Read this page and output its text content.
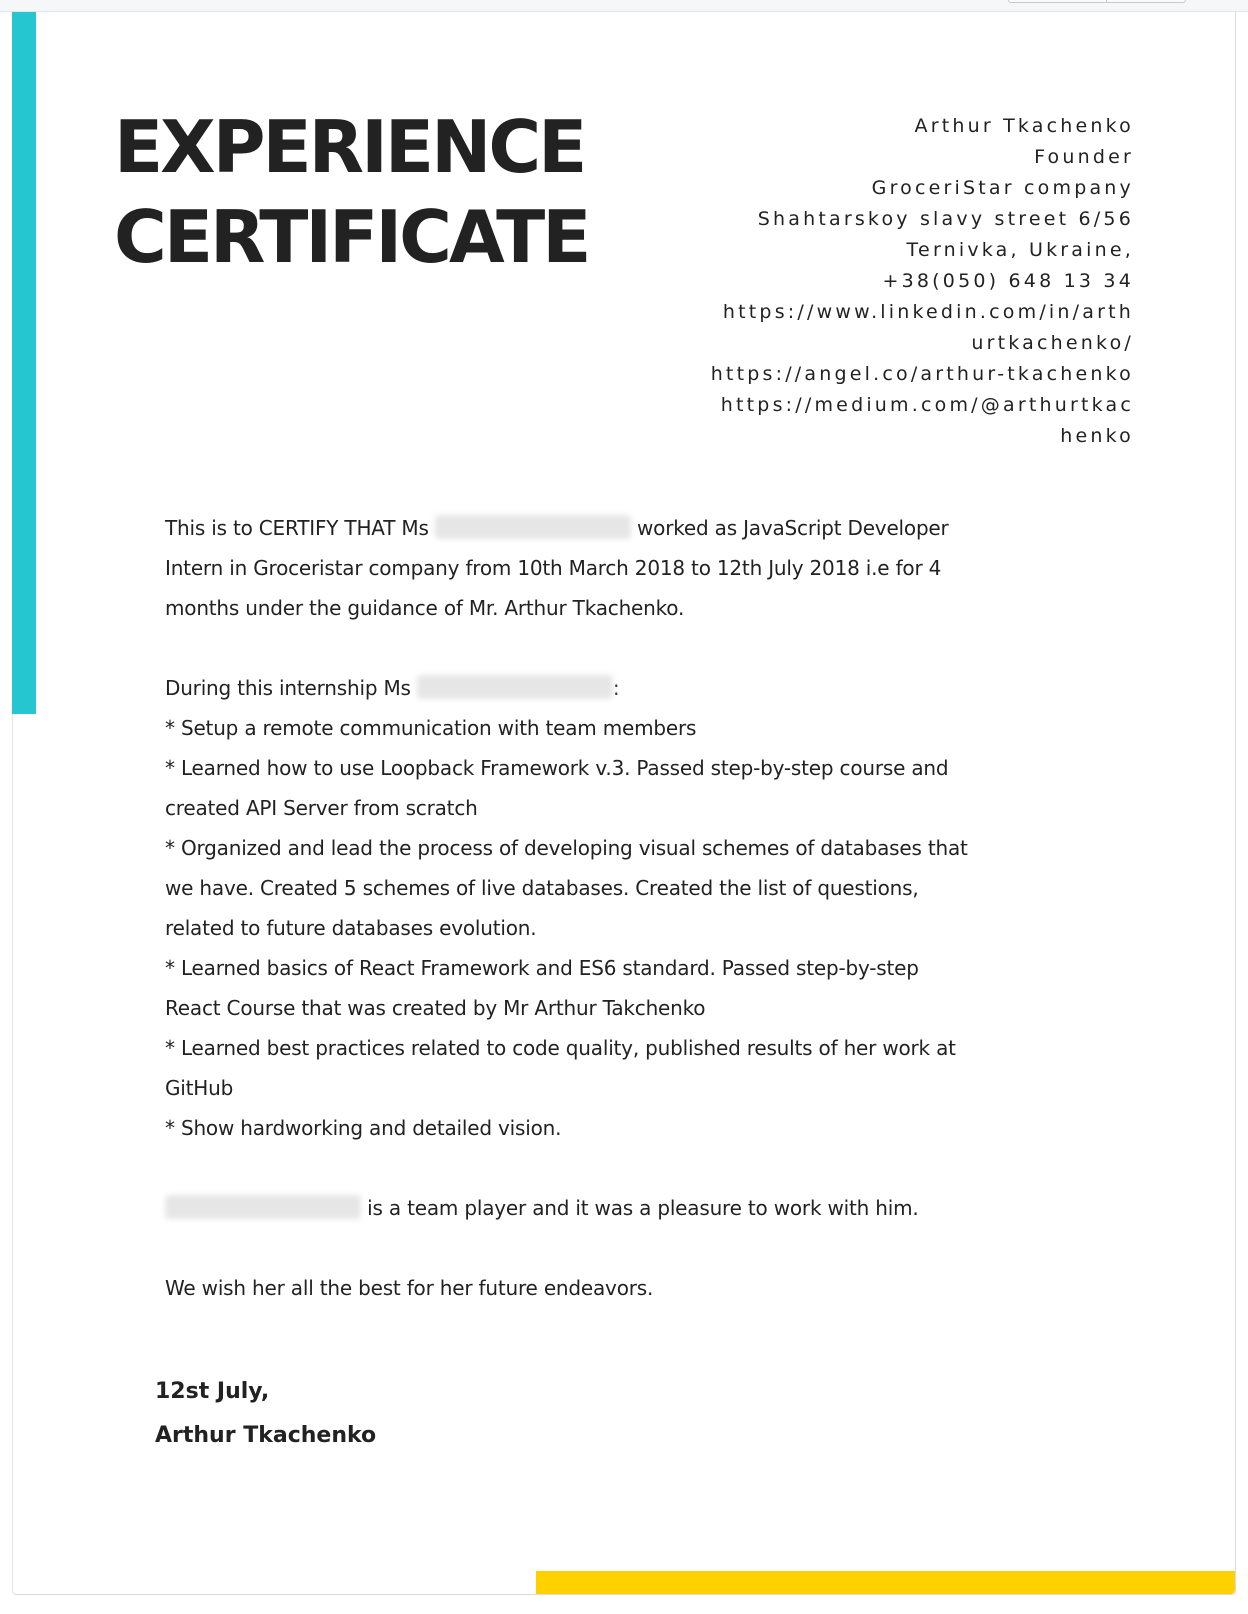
EXPERIENCE
CERTIFICATE
Arthur Tkachenko
Founder
GroceriStar company
Shahtarskoy slavy street 6/56
Ternivka, Ukraine,
+38(050) 648 13 34
https://www.linkedin.com/in/arth
urtkachenko/
https://angel.co/arthur-tkachenko
https://medium.com/@arthurtkac
henko

This is to CERTIFY THAT Ms	worked as JavaScript Developer

Intern in Groceristar company from 10th March 2018 to 12th July 2018 i.e for 4

months under the guidance of Mr. Arthur Tkachenko.

During this internship Ms	:

* Setup a remote communication with team members

* Learned how to use Loopback Framework v.3. Passed step-by-step course and

created API Server from scratch

* Organized and lead the process of developing visual schemes of databases that

we have. Created 5 schemes of live databases. Created the list of questions,

related to future databases evolution.

* Learned basics of React Framework and ES6 standard. Passed step-by-step

React Course that was created by Mr Arthur Takchenko

* Learned best practices related to code quality, published results of her work at

GitHub

* Show hardworking and detailed vision.

is a team player and it was a pleasure to work with him.

We wish her all the best for her future endeavors.

12st July,
Arthur Tkachenko
